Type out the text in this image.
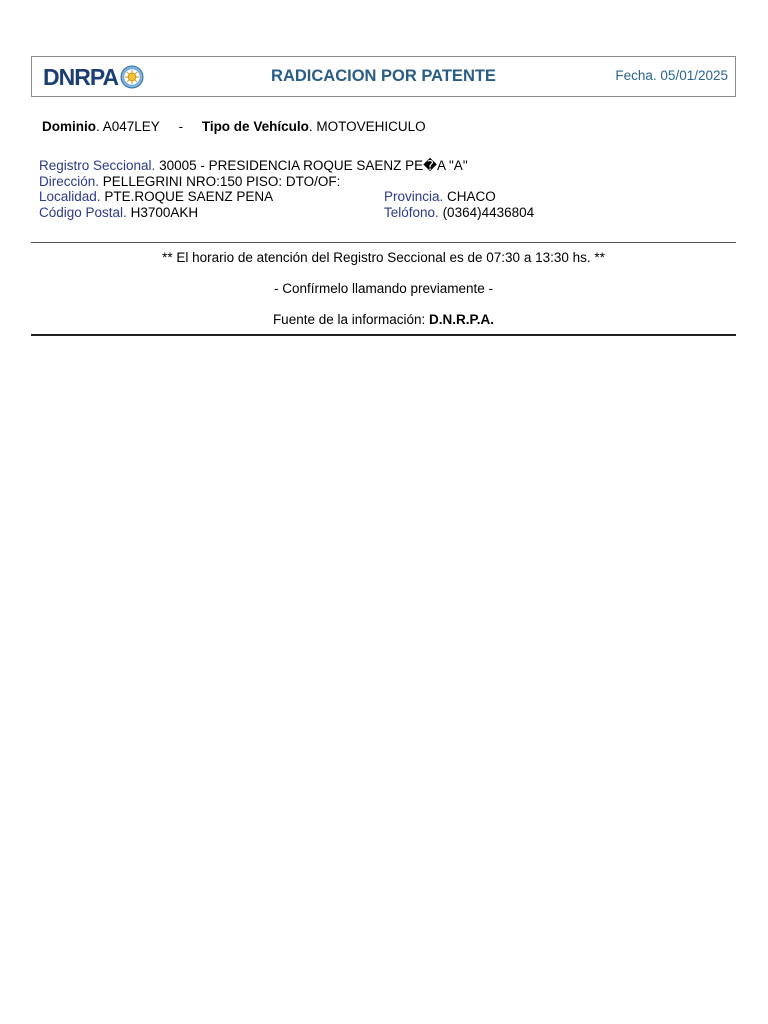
DNRPA	RADICACION POR PATENTE	Fecha. 05/01/2025
Dominio. A047LEY - Tipo de Vehículo. MOTOVEHICULO
Registro Seccional. 30005 - PRESIDENCIA ROQUE SAENZ PE�A "A"
Dirección. PELLEGRINI NRO:150 PISO: DTO/OF:
Localidad. PTE.ROQUE SAENZ PENA	Provincia. CHACO
Código Postal. H3700AKH	Telófono. (0364)4436804
** El horario de atención del Registro Seccional es de 07:30 a 13:30 hs. **
- Confírmelo llamando previamente -
Fuente de la información: D.N.R.P.A.
